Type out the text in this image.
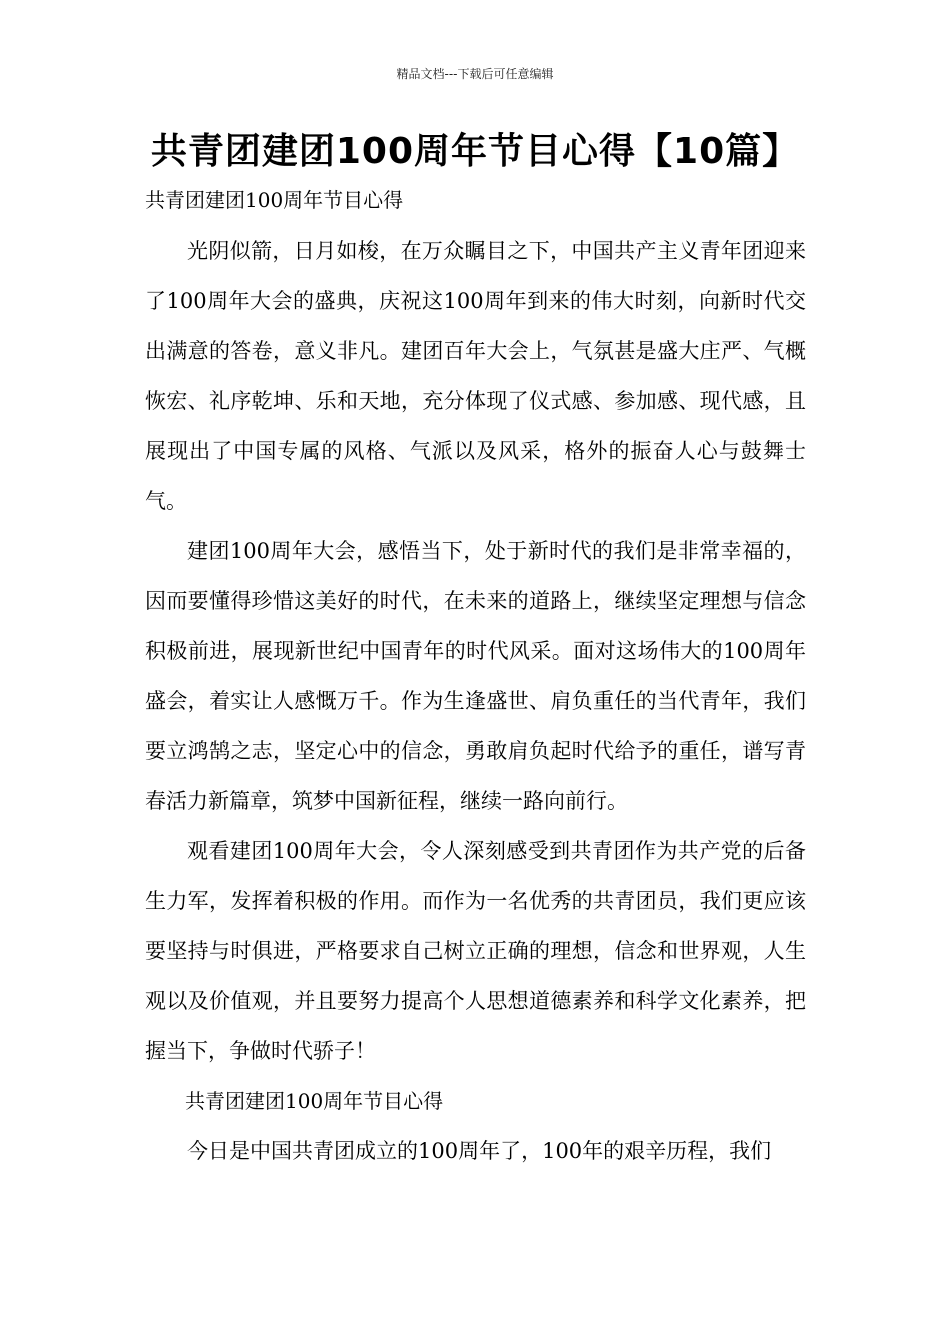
精品文档---下载后可任意编辑
共青团建团100周年节目心得【10篇】

共青团建团100周年节目心得

光阴似箭，日月如梭，在万众瞩目之下，中国共产主义青年团迎来了100周年大会的盛典，庆祝这100周年到来的伟大时刻，向新时代交出满意的答卷，意义非凡。建团百年大会上，气氛甚是盛大庄严、气概恢宏、礼序乾坤、乐和天地，充分体现了仪式感、参加感、现代感，且展现出了中国专属的风格、气派以及风采，格外的振奋人心与鼓舞士气。

建团100周年大会，感悟当下，处于新时代的我们是非常幸福的，因而要懂得珍惜这美好的时代，在未来的道路上，继续坚定理想与信念积极前进，展现新世纪中国青年的时代风采。面对这场伟大的100周年盛会，着实让人感慨万千。作为生逢盛世、肩负重任的当代青年，我们要立鸿鹄之志，坚定心中的信念，勇敢肩负起时代给予的重任，谱写青春活力新篇章，筑梦中国新征程，继续一路向前行。

观看建团100周年大会，令人深刻感受到共青团作为共产党的后备生力军，发挥着积极的作用。而作为一名优秀的共青团员，我们更应该要坚持与时俱进，严格要求自己树立正确的理想，信念和世界观，人生观以及价值观，并且要努力提高个人思想道德素养和科学文化素养，把握当下，争做时代骄子！

共青团建团100周年节目心得

今日是中国共青团成立的100周年了，100年的艰辛历程，我们
